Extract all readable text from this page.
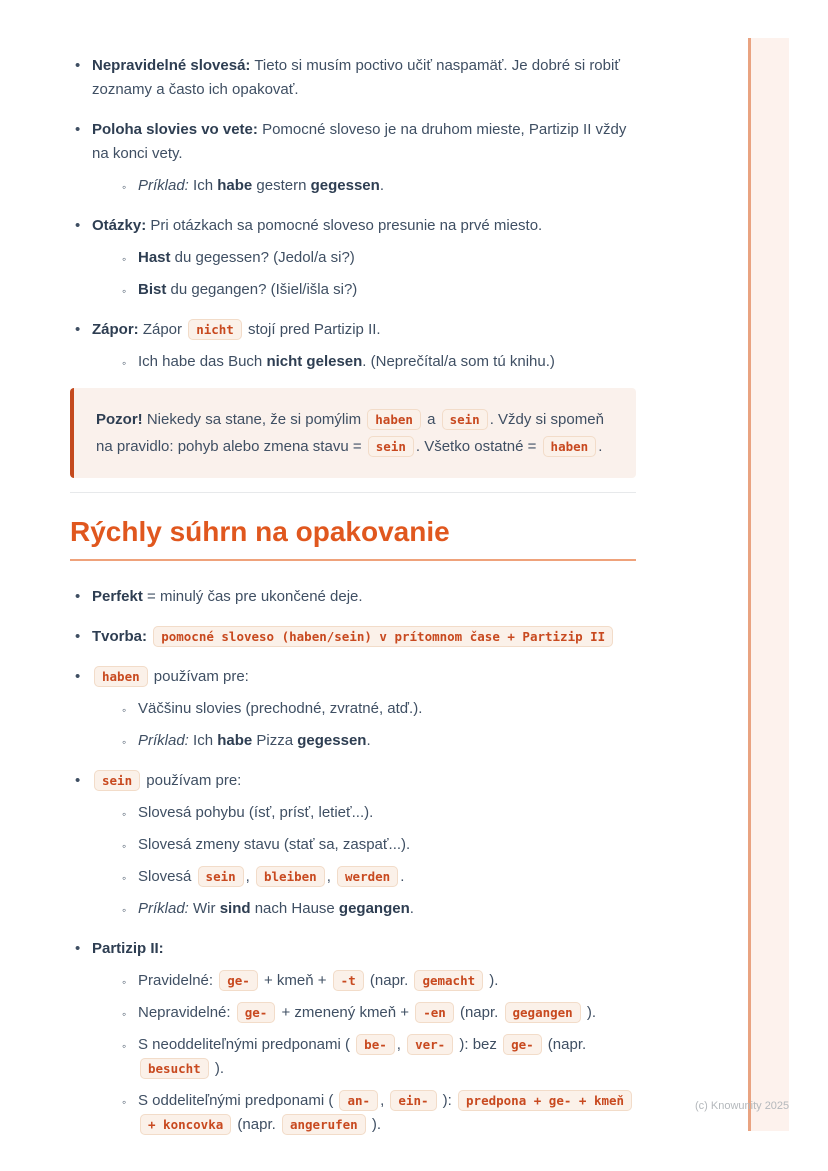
• Nepravidelné slovesá: Tieto si musím poctivo učiť naspamäť. Je dobré si robiť zoznamy a často ich opakovať.
• Poloha slovies vo vete: Pomocné sloveso je na druhom mieste, Partizip II vždy na konci vety.
◦ Príklad: Ich habe gestern gegessen.
• Otázky: Pri otázkach sa pomocné sloveso presunie na prvé miesto.
◦ Hast du gegessen? (Jedol/a si?)
◦ Bist du gegangen? (Išiel/išla si?)
• Zápor: Zápor nicht stojí pred Partizip II.
◦ Ich habe das Buch nicht gelesen. (Neprečítal/a som tú knihu.)
Pozor! Niekedy sa stane, že si pomýlim haben a sein . Vždy si spomeň na pravidlo: pohyb alebo zmena stavu = sein . Všetko ostatné = haben .
Rýchly súhrn na opakovanie
• Perfekt = minulý čas pre ukončené deje.
• Tvorba: pomocné sloveso (haben/sein) v prítomnom čase + Partizip II
• haben používam pre:
◦ Väčšinu slovies (prechodné, zvratné, atď.).
◦ Príklad: Ich habe Pizza gegessen.
• sein používam pre:
◦ Slovesá pohybu (ísť, prísť, letieť...).
◦ Slovesá zmeny stavu (stať sa, zaspať...).
◦ Slovesá sein , bleiben , werden .
◦ Príklad: Wir sind nach Hause gegangen.
• Partizip II:
◦ Pravidelné: ge- + kmeň + -t (napr. gemacht ).
◦ Nepravidelné: ge- + zmenený kmeň + -en (napr. gegangen ).
◦ S neoddeliteľnými predponami ( be- , ver- ): bez ge- (napr. besucht ).
◦ S oddeliteľnými predponami ( an- , ein- ): predpona + ge- + kmeň + koncovka (napr. angerufen ).
(c) Knowunity 2025
